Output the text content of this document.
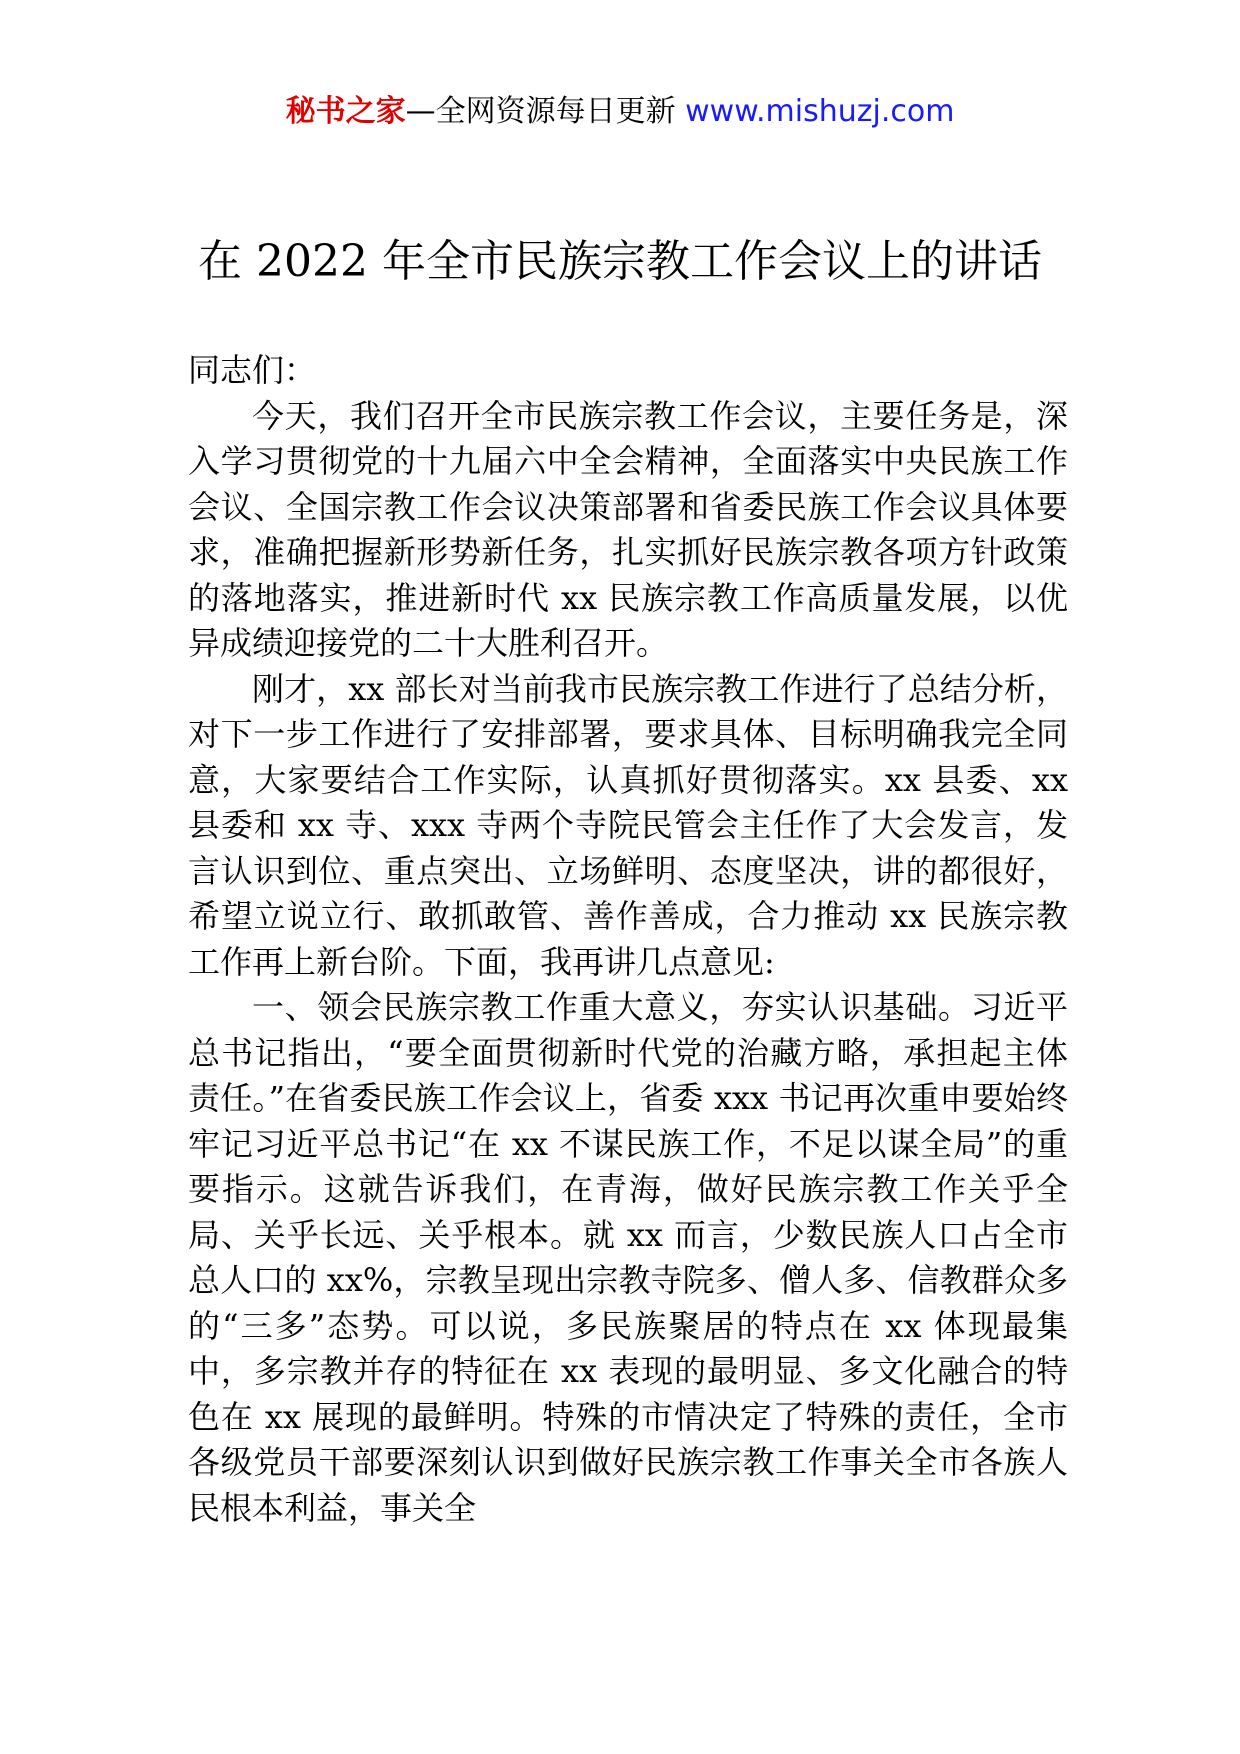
秘书之家—全网资源每日更新 www.mishuzj.com
在 2022 年全市民族宗教工作会议上的讲话

同志们：

今天，我们召开全市民族宗教工作会议，主要任务是，深入学习贯彻党的十九届六中全会精神，全面落实中央民族工作会议、全国宗教工作会议决策部署和省委民族工作会议具体要求，准确把握新形势新任务，扎实抓好民族宗教各项方针政策的落地落实，推进新时代 xx 民族宗教工作高质量发展，以优异成绩迎接党的二十大胜利召开。

刚才，xx 部长对当前我市民族宗教工作进行了总结分析，对下一步工作进行了安排部署，要求具体、目标明确我完全同意，大家要结合工作实际，认真抓好贯彻落实。xx 县委、xx 县委和 xx 寺、xxx 寺两个寺院民管会主任作了大会发言，发言认识到位、重点突出、立场鲜明、态度坚决，讲的都很好，希望立说立行、敢抓敢管、善作善成，合力推动 xx 民族宗教工作再上新台阶。下面，我再讲几点意见:

一、领会民族宗教工作重大意义，夯实认识基础。习近平总书记指出，“要全面贯彻新时代党的治藏方略，承担起主体责任。”在省委民族工作会议上，省委 xxx 书记再次重申要始终牢记习近平总书记“在 xx 不谋民族工作，不足以谋全局”的重要指示。这就告诉我们，在青海，做好民族宗教工作关乎全局、关乎长远、关乎根本。就 xx 而言，少数民族人口占全市总人口的 xx%，宗教呈现出宗教寺院多、僧人多、信教群众多的“三多”态势。可以说，多民族聚居的特点在 xx 体现最集中，多宗教并存的特征在 xx 表现的最明显、多文化融合的特色在 xx 展现的最鲜明。特殊的市情决定了特殊的责任，全市各级党员干部要深刻认识到做好民族宗教工作事关全市各族人民根本利益，事关全
